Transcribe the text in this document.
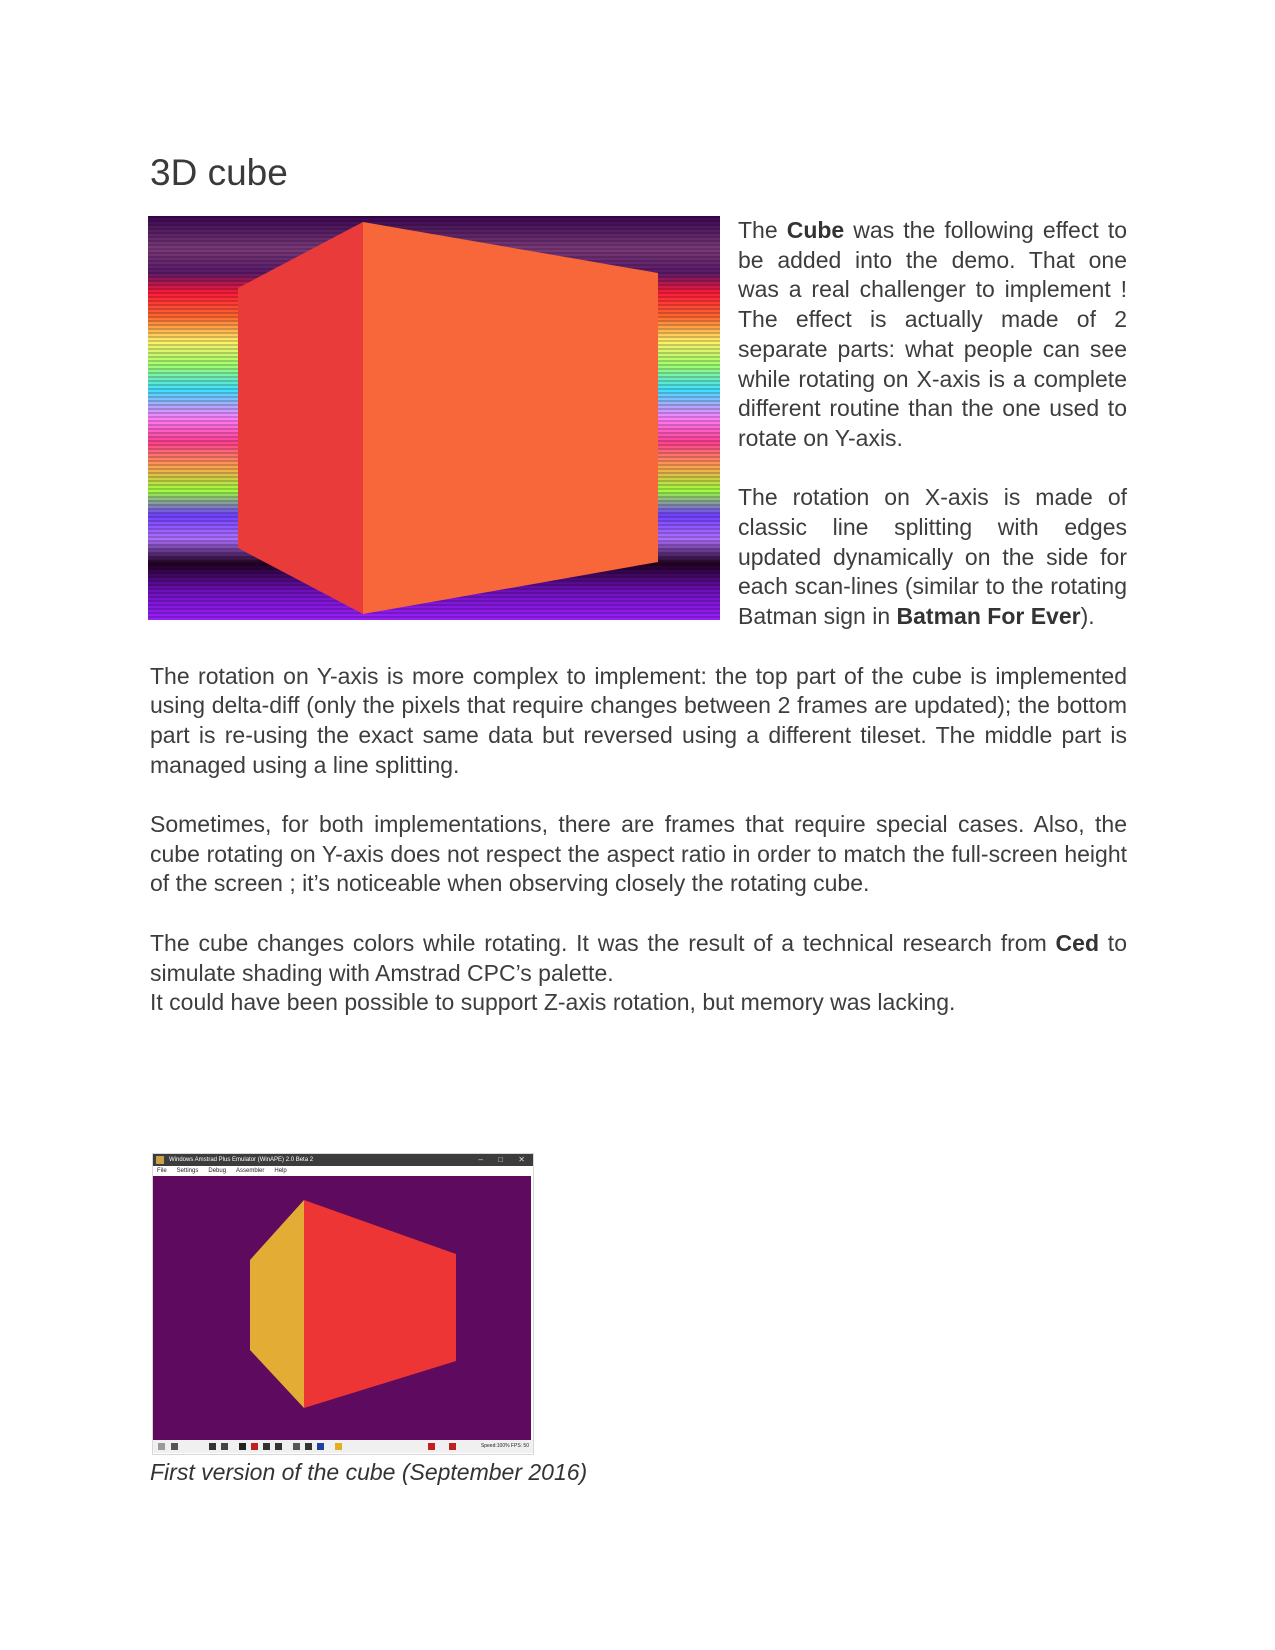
3D cube

The Cube was the following effect to be added into the demo. That one was a real challenger to implement ! The effect is actually made of 2 separate parts: what people can see while rotating on X-axis is a complete different routine than the one used to rotate on Y-axis.

The rotation on X-axis is made of classic line splitting with edges updated dynamically on the side for each scan-lines (similar to the rotating Batman sign in Batman For Ever).

The rotation on Y-axis is more complex to implement: the top part of the cube is implemented using delta-diff (only the pixels that require changes between 2 frames are updated); the bottom part is re-using the exact same data but reversed using a different tileset. The middle part is managed using a line splitting.

Sometimes, for both implementations, there are frames that require special cases. Also, the cube rotating on Y-axis does not respect the aspect ratio in order to match the full-screen height of the screen ; it’s noticeable when observing closely the rotating cube.

The cube changes colors while rotating. It was the result of a technical research from Ced to simulate shading with Amstrad CPC’s palette.

It could have been possible to support Z-axis rotation, but memory was lacking.

Windows Amstrad Plus Emulator (WinAPE) 2.0 Beta 2	– □ ✕
File Settings Debug Assembler Help
Speed:100% FPS: 50

First version of the cube (September 2016)
